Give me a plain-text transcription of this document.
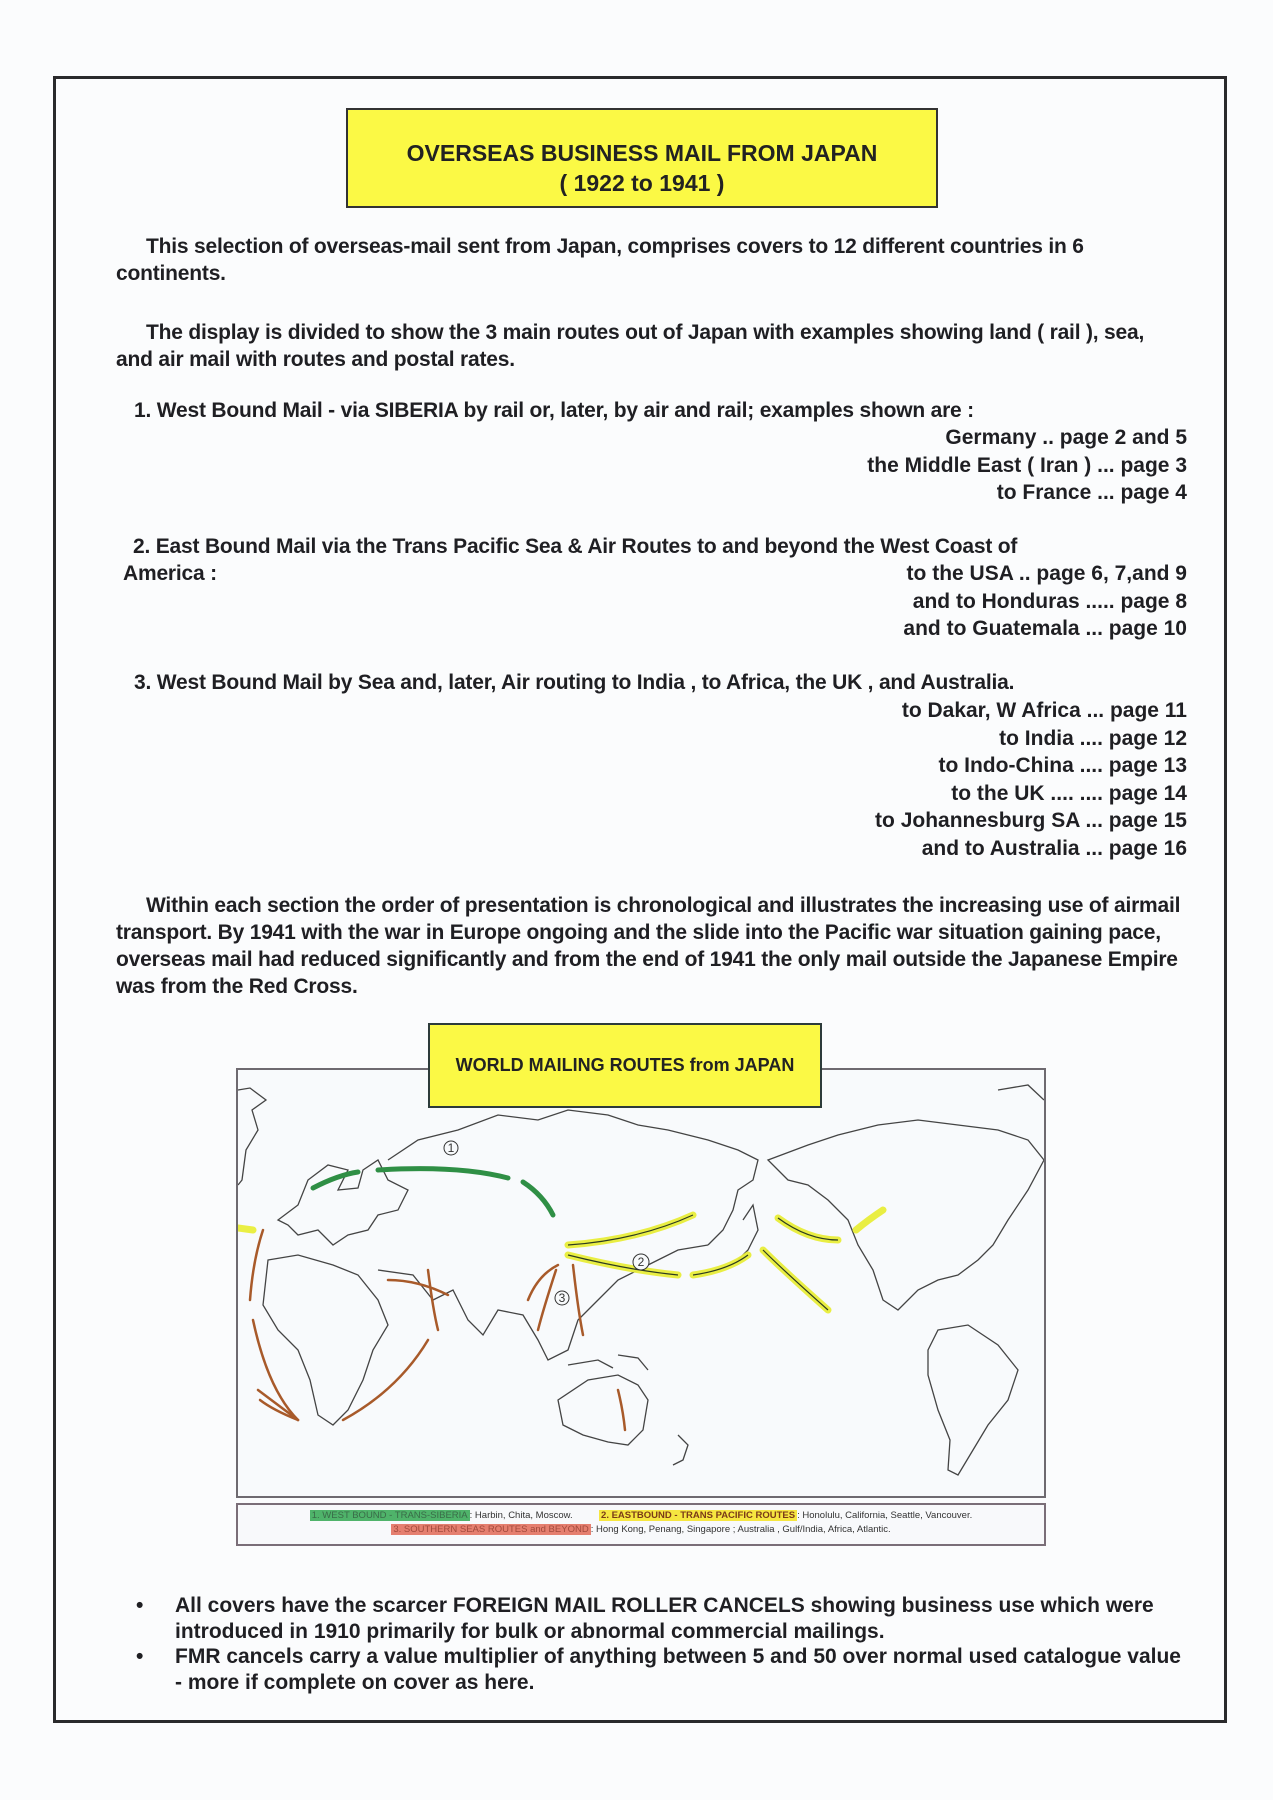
OVERSEAS BUSINESS MAIL FROM JAPAN
( 1922 to 1941 )
This selection of overseas-mail sent from Japan, comprises covers to 12 different countries in 6 continents.
The display is divided to show the 3 main routes out of Japan with examples showing land ( rail ), sea, and air mail with routes and postal rates.
1. West Bound Mail - via SIBERIA by rail or, later, by air and rail; examples shown are :
Germany .. page 2 and 5
the Middle East ( Iran ) ... page 3
to France ... page 4
2. East Bound Mail via the Trans Pacific Sea & Air Routes to and beyond the West Coast of
America :	to the USA .. page 6, 7,and 9
and to Honduras ..... page 8
and to Guatemala ... page 10
3. West Bound Mail by Sea and, later, Air routing to India , to Africa, the UK , and Australia.
to Dakar, W Africa ... page 11
to India .... page 12
to Indo-China .... page 13
to the UK .... .... page 14
to Johannesburg SA ... page 15
and to Australia ... page 16
Within each section the order of presentation is chronological and illustrates the increasing use of airmail transport. By 1941 with the war in Europe ongoing and the slide into the Pacific war situation gaining pace, overseas mail had reduced significantly and from the end of 1941 the only mail outside the Japanese Empire was from the Red Cross.
1
2
3
WORLD MAILING ROUTES from JAPAN
1. WEST BOUND - TRANS-SIBERIA : Harbin, Chita, Moscow.	2. EASTBOUND - TRANS PACIFIC ROUTES : Honolulu, California, Seattle, Vancouver.
3. SOUTHERN SEAS ROUTES and BEYOND : Hong Kong, Penang, Singapore ; Australia , Gulf/India, Africa, Atlantic.
• All covers have the scarcer FOREIGN MAIL ROLLER CANCELS showing business use which were introduced in 1910 primarily for bulk or abnormal commercial mailings.
• FMR cancels carry a value multiplier of anything between 5 and 50 over normal used catalogue value - more if complete on cover as here.
